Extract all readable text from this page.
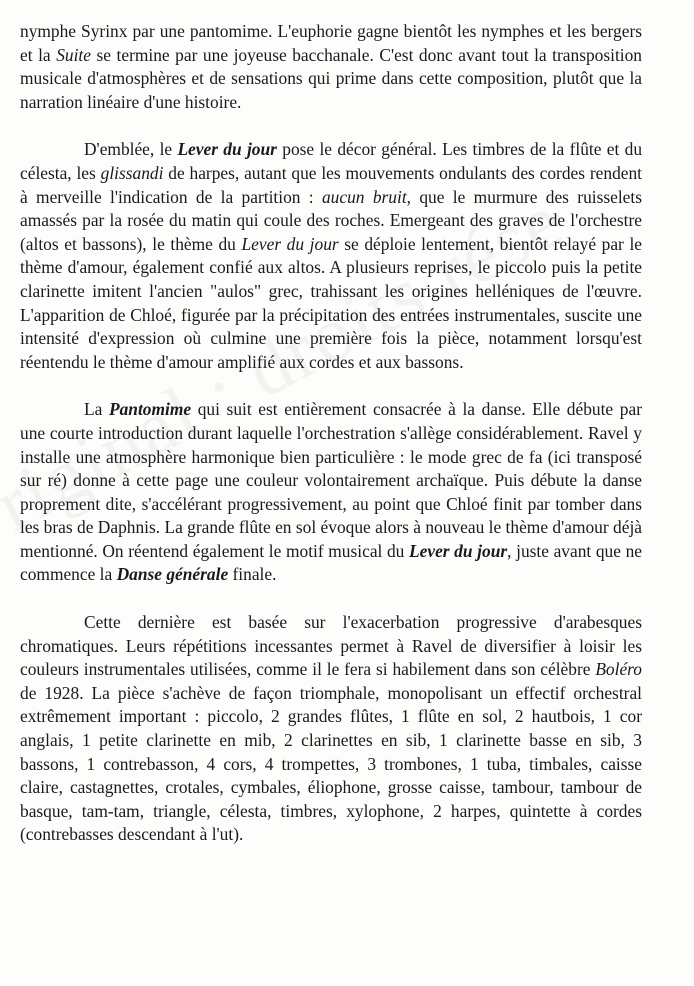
nymphe Syrinx par une pantomime. L'euphorie gagne bientôt les nymphes et les bergers et la Suite se termine par une joyeuse bacchanale. C'est donc avant tout la transposition musicale d'atmosphères et de sensations qui prime dans cette composition, plutôt que la narration linéaire d'une histoire.

D'emblée, le Lever du jour pose le décor général. Les timbres de la flûte et du célesta, les glissandi de harpes, autant que les mouvements ondulants des cordes rendent à merveille l'indication de la partition : aucun bruit, que le murmure des ruisselets amassés par la rosée du matin qui coule des roches. Emergeant des graves de l'orchestre (altos et bassons), le thème du Lever du jour se déploie lentement, bientôt relayé par le thème d'amour, également confié aux altos. A plusieurs reprises, le piccolo puis la petite clarinette imitent l'ancien "aulos" grec, trahissant les origines helléniques de l'œuvre. L'apparition de Chloé, figurée par la précipitation des entrées instrumentales, suscite une intensité d'expression où culmine une première fois la pièce, notamment lorsqu'est réentendu le thème d'amour amplifié aux cordes et aux bassons.

La Pantomime qui suit est entièrement consacrée à la danse. Elle débute par une courte introduction durant laquelle l'orchestration s'allège considérablement. Ravel y installe une atmosphère harmonique bien particulière : le mode grec de fa (ici transposé sur ré) donne à cette page une couleur volontairement archaïque. Puis débute la danse proprement dite, s'accélérant progressivement, au point que Chloé finit par tomber dans les bras de Daphnis. La grande flûte en sol évoque alors à nouveau le thème d'amour déjà mentionné. On réentend également le motif musical du Lever du jour, juste avant que ne commence la Danse générale finale.

Cette dernière est basée sur l'exacerbation progressive d'arabesques chromatiques. Leurs répétitions incessantes permet à Ravel de diversifier à loisir les couleurs instrumentales utilisées, comme il le fera si habilement dans son célèbre Boléro de 1928. La pièce s'achève de façon triomphale, monopolisant un effectif orchestral extrêmement important : piccolo, 2 grandes flûtes, 1 flûte en sol, 2 hautbois, 1 cor anglais, 1 petite clarinette en mib, 2 clarinettes en sib, 1 clarinette basse en sib, 3 bassons, 1 contrebasson, 4 cors, 4 trompettes, 3 trombones, 1 tuba, timbales, caisse claire, castagnettes, crotales, cymbales, éliophone, grosse caisse, tambour, tambour de basque, tam-tam, triangle, célesta, timbres, xylophone, 2 harpes, quintette à cordes (contrebasses descendant à l'ut).
